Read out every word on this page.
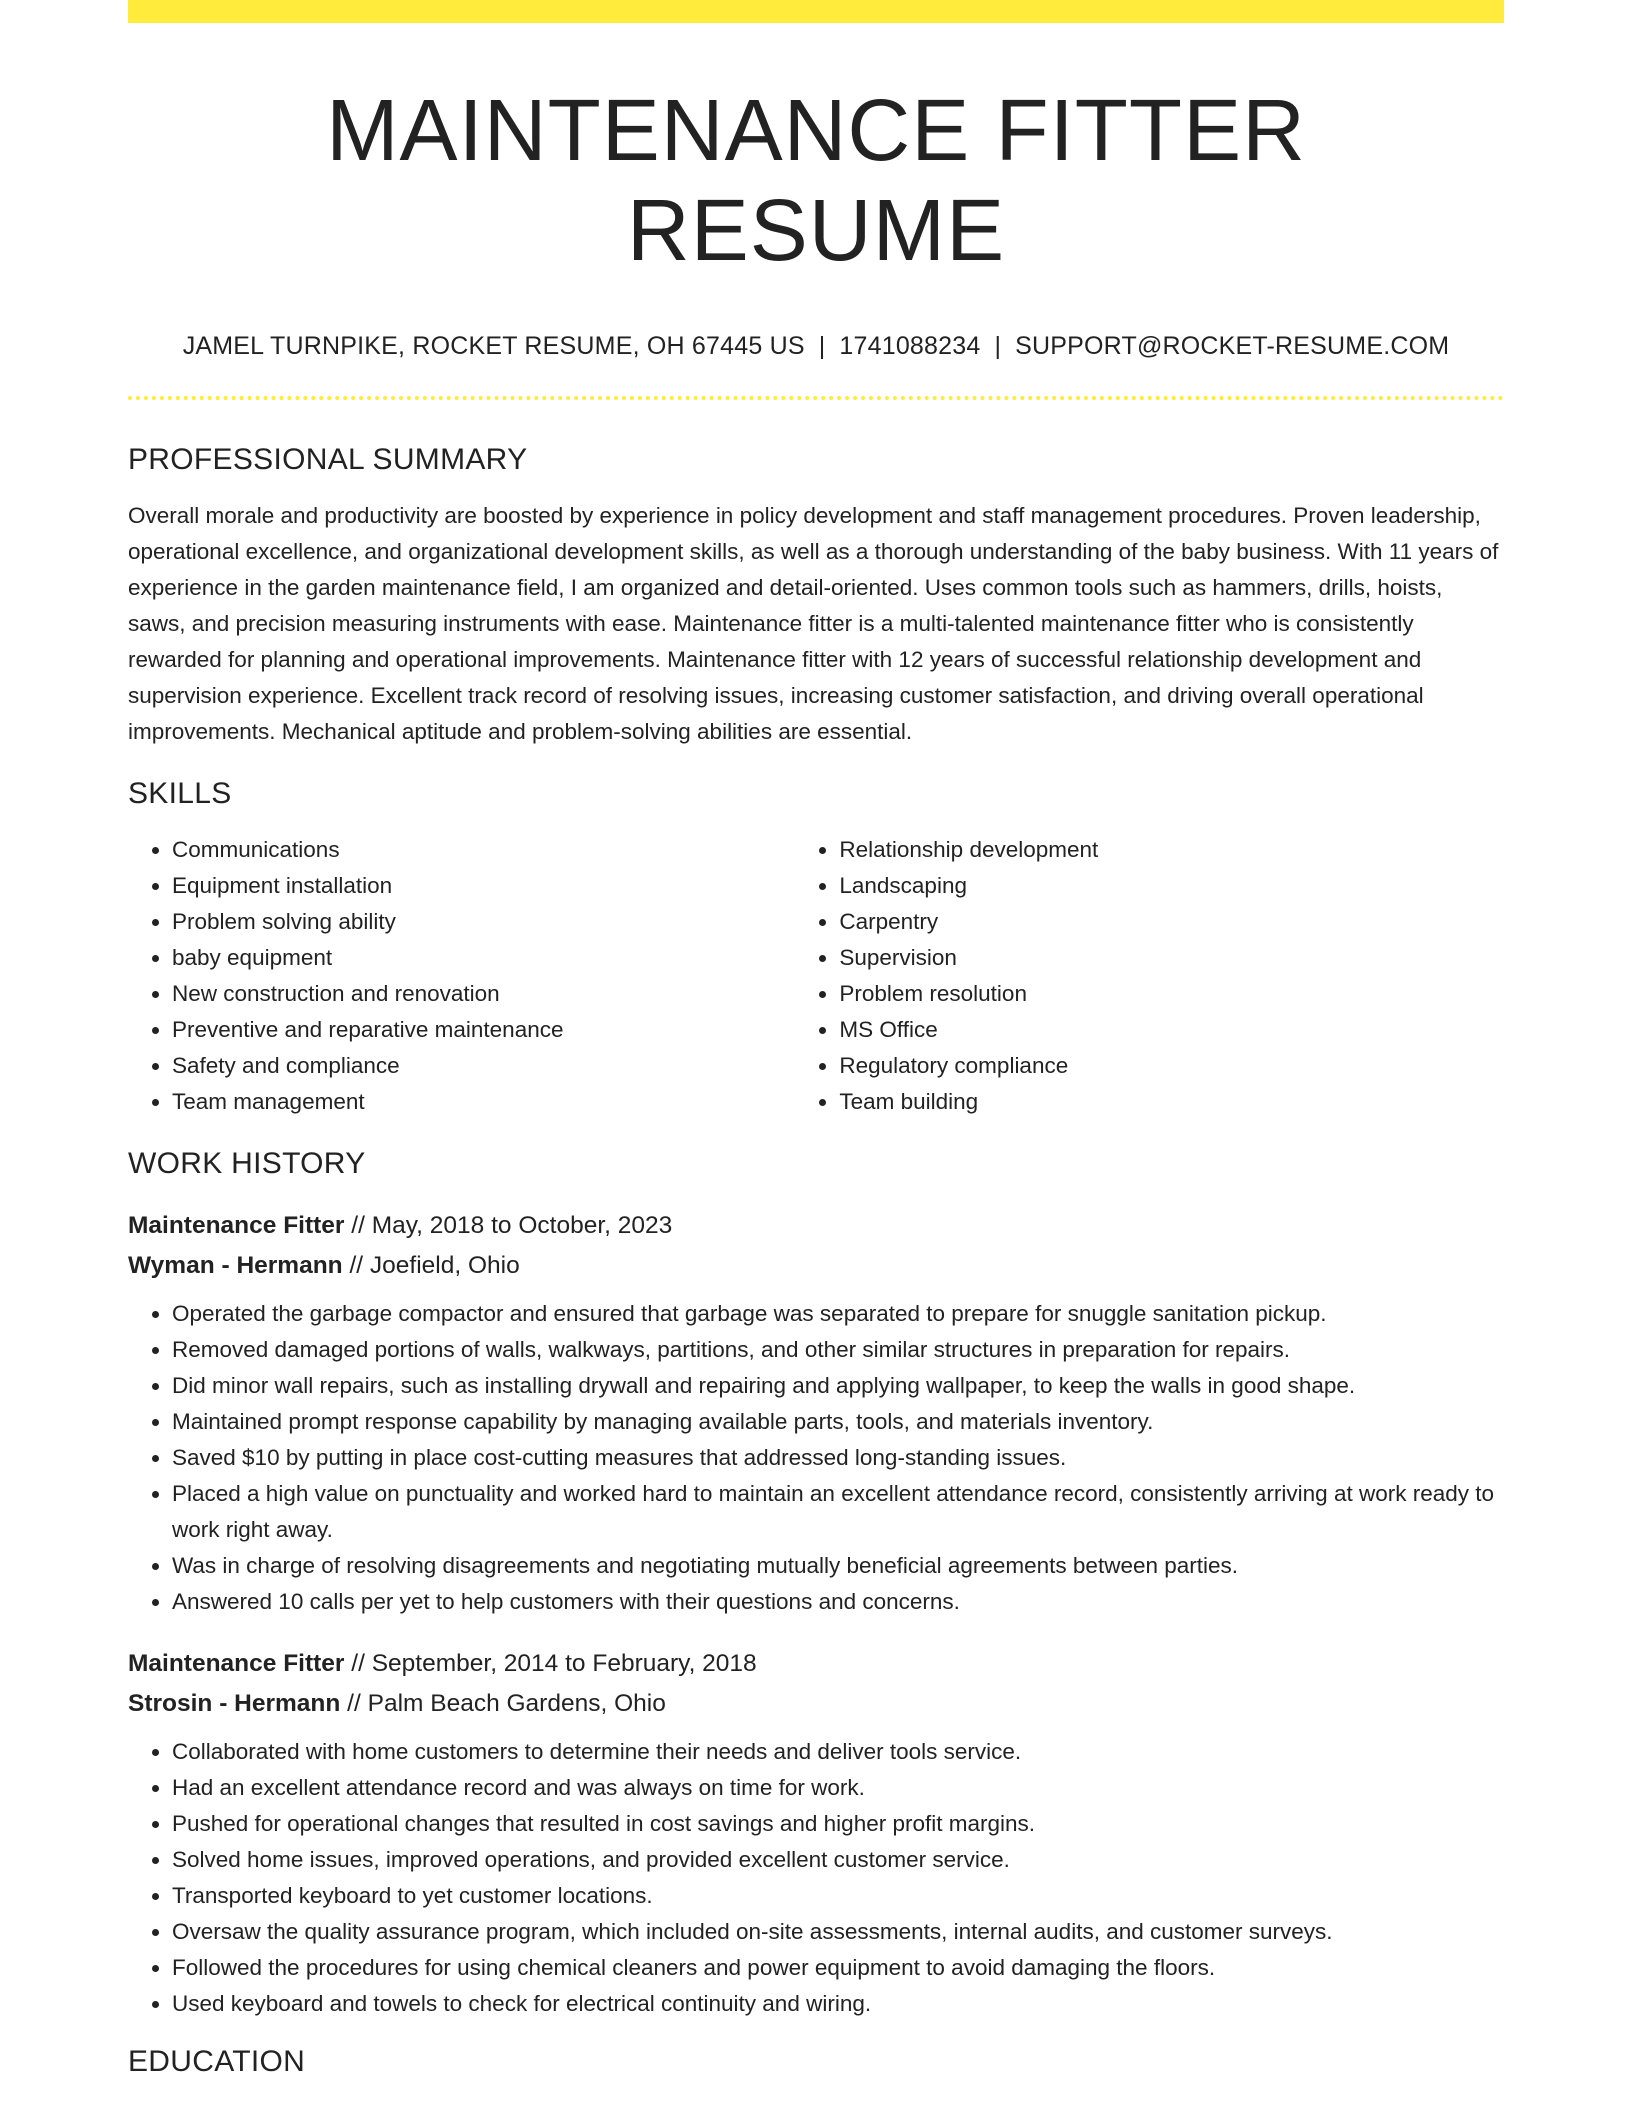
MAINTENANCE FITTER RESUME
JAMEL TURNPIKE, ROCKET RESUME, OH 67445 US | 1741088234 | SUPPORT@ROCKET-RESUME.COM
PROFESSIONAL SUMMARY

Overall morale and productivity are boosted by experience in policy development and staff management procedures. Proven leadership, operational excellence, and organizational development skills, as well as a thorough understanding of the baby business. With 11 years of experience in the garden maintenance field, I am organized and detail-oriented. Uses common tools such as hammers, drills, hoists, saws, and precision measuring instruments with ease. Maintenance fitter is a multi-talented maintenance fitter who is consistently rewarded for planning and operational improvements. Maintenance fitter with 12 years of successful relationship development and supervision experience. Excellent track record of resolving issues, increasing customer satisfaction, and driving overall operational improvements. Mechanical aptitude and problem-solving abilities are essential.

SKILLS
• Communications
• Equipment installation
• Problem solving ability
• baby equipment
• New construction and renovation
• Preventive and reparative maintenance
• Safety and compliance
• Team management
• Relationship development
• Landscaping
• Carpentry
• Supervision
• Problem resolution
• MS Office
• Regulatory compliance
• Team building
WORK HISTORY
Maintenance Fitter // May, 2018 to October, 2023
Wyman - Hermann // Joefield, Ohio
• Operated the garbage compactor and ensured that garbage was separated to prepare for snuggle sanitation pickup.
• Removed damaged portions of walls, walkways, partitions, and other similar structures in preparation for repairs.
• Did minor wall repairs, such as installing drywall and repairing and applying wallpaper, to keep the walls in good shape.
• Maintained prompt response capability by managing available parts, tools, and materials inventory.
• Saved $10 by putting in place cost-cutting measures that addressed long-standing issues.
• Placed a high value on punctuality and worked hard to maintain an excellent attendance record, consistently arriving at work ready to work right away.
• Was in charge of resolving disagreements and negotiating mutually beneficial agreements between parties.
• Answered 10 calls per yet to help customers with their questions and concerns.
Maintenance Fitter // September, 2014 to February, 2018
Strosin - Hermann // Palm Beach Gardens, Ohio
• Collaborated with home customers to determine their needs and deliver tools service.
• Had an excellent attendance record and was always on time for work.
• Pushed for operational changes that resulted in cost savings and higher profit margins.
• Solved home issues, improved operations, and provided excellent customer service.
• Transported keyboard to yet customer locations.
• Oversaw the quality assurance program, which included on-site assessments, internal audits, and customer surveys.
• Followed the procedures for using chemical cleaners and power equipment to avoid damaging the floors.
• Used keyboard and towels to check for electrical continuity and wiring.
EDUCATION
